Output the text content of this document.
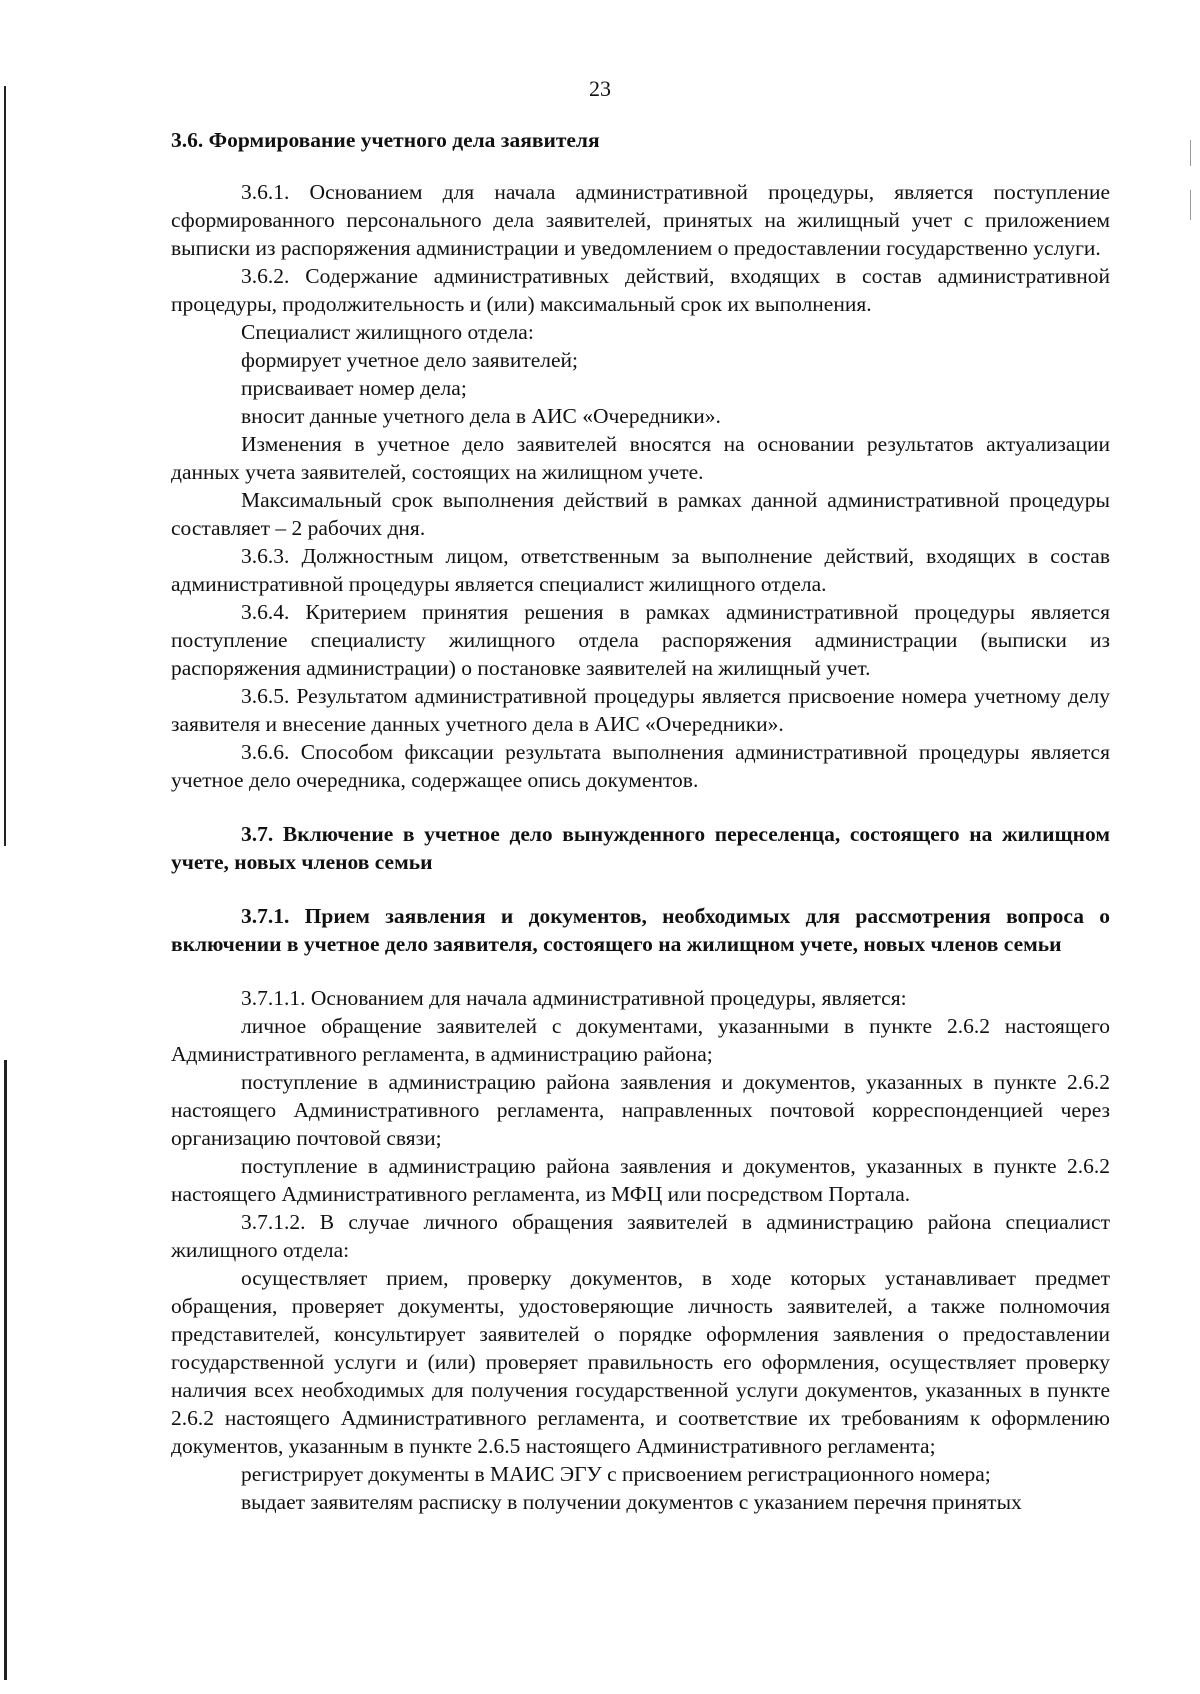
23

3.6. Формирование учетного дела заявителя

3.6.1. Основанием для начала административной процедуры, является поступление сформированного персонального дела заявителей, принятых на жилищный учет с приложением выписки из распоряжения администрации и уведомлением о предоставлении государственно услуги.

3.6.2. Содержание административных действий, входящих в состав административной процедуры, продолжительность и (или) максимальный срок их выполнения.

Специалист жилищного отдела:

формирует учетное дело заявителей;

присваивает номер дела;

вносит данные учетного дела в АИС «Очередники».

Изменения в учетное дело заявителей вносятся на основании результатов актуализации данных учета заявителей, состоящих на жилищном учете.

Максимальный срок выполнения действий в рамках данной административной процедуры составляет – 2 рабочих дня.

3.6.3. Должностным лицом, ответственным за выполнение действий, входящих в состав административной процедуры является специалист жилищного отдела.

3.6.4. Критерием принятия решения в рамках административной процедуры является поступление специалисту жилищного отдела распоряжения администрации (выписки из распоряжения администрации) о постановке заявителей на жилищный учет.

3.6.5. Результатом административной процедуры является присвоение номера учетному делу заявителя и внесение данных учетного дела в АИС «Очередники».

3.6.6. Способом фиксации результата выполнения административной процедуры является учетное дело очередника, содержащее опись документов.

3.7. Включение в учетное дело вынужденного переселенца, состоящего на жилищном учете, новых членов семьи

3.7.1. Прием заявления и документов, необходимых для рассмотрения вопроса о включении в учетное дело заявителя, состоящего на жилищном учете, новых членов семьи

3.7.1.1. Основанием для начала административной процедуры, является:

личное обращение заявителей с документами, указанными в пункте 2.6.2 настоящего Административного регламента, в администрацию района;

поступление в администрацию района заявления и документов, указанных в пункте 2.6.2 настоящего Административного регламента, направленных почтовой корреспонденцией через организацию почтовой связи;

поступление в администрацию района заявления и документов, указанных в пункте 2.6.2 настоящего Административного регламента, из МФЦ или посредством Портала.

3.7.1.2. В случае личного обращения заявителей в администрацию района специалист жилищного отдела:

осуществляет прием, проверку документов, в ходе которых устанавливает предмет обращения, проверяет документы, удостоверяющие личность заявителей, а также полномочия представителей, консультирует заявителей о порядке оформления заявления о предоставлении государственной услуги и (или) проверяет правильность его оформления, осуществляет проверку наличия всех необходимых для получения государственной услуги документов, указанных в пункте 2.6.2 настоящего Административного регламента, и соответствие их требованиям к оформлению документов, указанным в пункте 2.6.5 настоящего Административного регламента;

регистрирует документы в МАИС ЭГУ с присвоением регистрационного номера;

выдает заявителям расписку в получении документов с указанием перечня принятых
